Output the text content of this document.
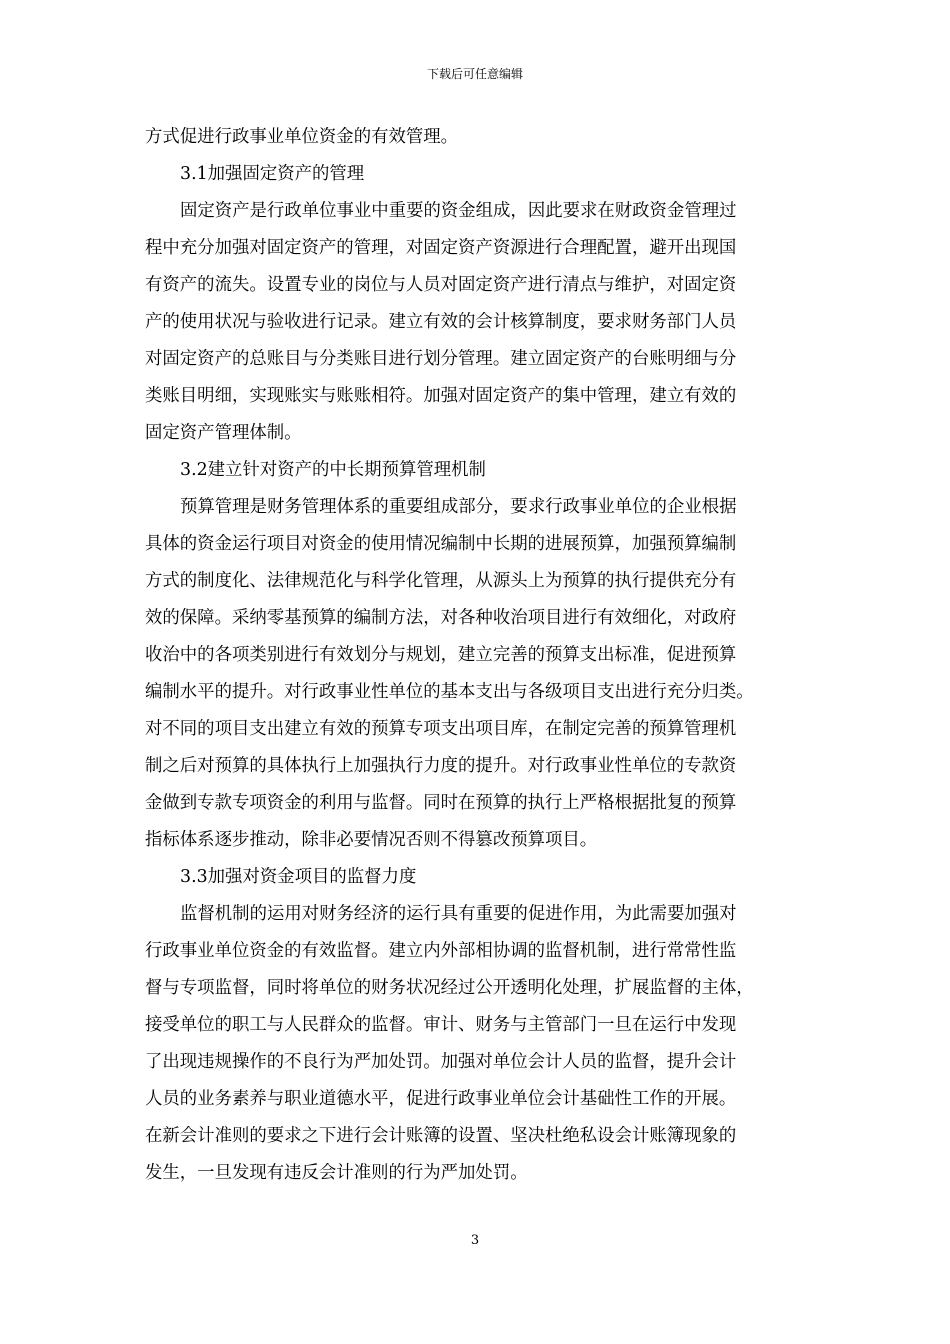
下载后可任意编辑
方式促进行政事业单位资金的有效管理。
3.1加强固定资产的管理
固定资产是行政单位事业中重要的资金组成，因此要求在财政资金管理过
程中充分加强对固定资产的管理，对固定资产资源进行合理配置，避开出现国
有资产的流失。设置专业的岗位与人员对固定资产进行清点与维护，对固定资
产的使用状况与验收进行记录。建立有效的会计核算制度，要求财务部门人员
对固定资产的总账目与分类账目进行划分管理。建立固定资产的台账明细与分
类账目明细，实现账实与账账相符。加强对固定资产的集中管理，建立有效的
固定资产管理体制。
3.2建立针对资产的中长期预算管理机制
预算管理是财务管理体系的重要组成部分，要求行政事业单位的企业根据
具体的资金运行项目对资金的使用情况编制中长期的进展预算，加强预算编制
方式的制度化、法律规范化与科学化管理，从源头上为预算的执行提供充分有
效的保障。采纳零基预算的编制方法，对各种收治项目进行有效细化，对政府
收治中的各项类别进行有效划分与规划，建立完善的预算支出标准，促进预算
编制水平的提升。对行政事业性单位的基本支出与各级项目支出进行充分归类。
对不同的项目支出建立有效的预算专项支出项目库，在制定完善的预算管理机
制之后对预算的具体执行上加强执行力度的提升。对行政事业性单位的专款资
金做到专款专项资金的利用与监督。同时在预算的执行上严格根据批复的预算
指标体系逐步推动，除非必要情况否则不得篡改预算项目。
3.3加强对资金项目的监督力度
监督机制的运用对财务经济的运行具有重要的促进作用，为此需要加强对
行政事业单位资金的有效监督。建立内外部相协调的监督机制，进行常常性监
督与专项监督，同时将单位的财务状况经过公开透明化处理，扩展监督的主体，
接受单位的职工与人民群众的监督。审计、财务与主管部门一旦在运行中发现
了出现违规操作的不良行为严加处罚。加强对单位会计人员的监督，提升会计
人员的业务素养与职业道德水平，促进行政事业单位会计基础性工作的开展。
在新会计准则的要求之下进行会计账簿的设置、坚决杜绝私设会计账簿现象的
发生，一旦发现有违反会计准则的行为严加处罚。
3
